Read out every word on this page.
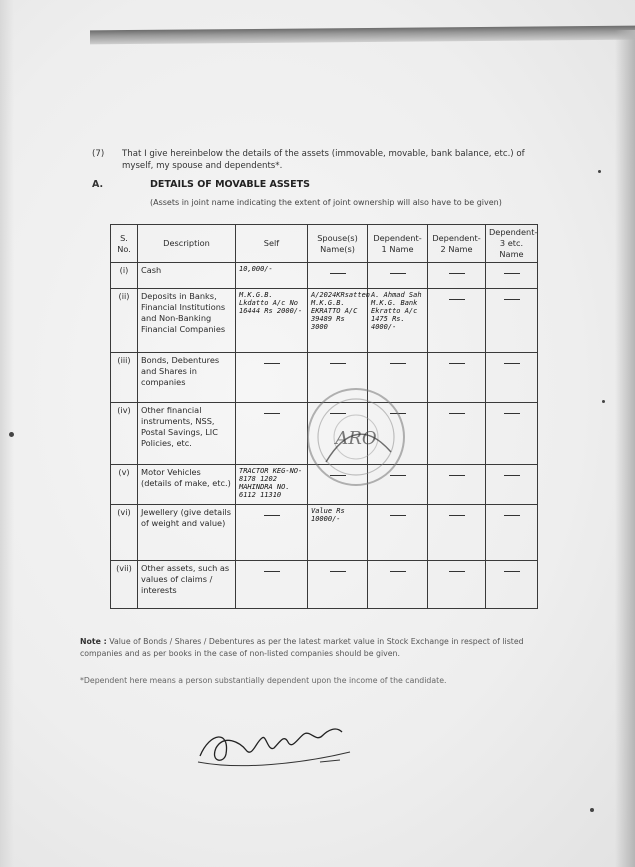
(7) That I give hereinbelow the details of the assets (immovable, movable, bank balance, etc.) of myself, my spouse and dependents*.
A.	DETAILS OF MOVABLE ASSETS
(Assets in joint name indicating the extent of joint ownership will also have to be given)
S. No.	Description	Self	Spouse(s) Name(s)	Dependent-1 Name	Dependent-2 Name	Dependent-3 etc. Name
(i)	Cash	10,000/-				

(ii)	Deposits in Banks, Financial Institutions and Non-Banking Financial Companies	M.K.G.B. Lkdatto A/c No 16444 Rs 2000/-	A/2024KRsatten M.K.G.B. EKRATTO A/C 39489 Rs 3000	A. Ahmad Sah M.K.G. Bank Ekratto A/c 1475 Rs. 4000/-		

(iii)	Bonds, Debentures and Shares in companies	

(iv)	Other financial instruments, NSS, Postal Savings, LIC Policies, etc.	

(v)	Motor Vehicles (details of make, etc.)	TRACTOR KEG-NO-8178 1202 MAHINDRA NO. 6112 11310				

(vi)	Jewellery (give details of weight and value)		Value Rs 10000/-			

(vii)	Other assets, such as values of claims / interests	

ARO
Note : Value of Bonds / Shares / Debentures as per the latest market value in Stock Exchange in respect of listed companies and as per books in the case of non-listed companies should be given.
*Dependent here means a person substantially dependent upon the income of the candidate.
